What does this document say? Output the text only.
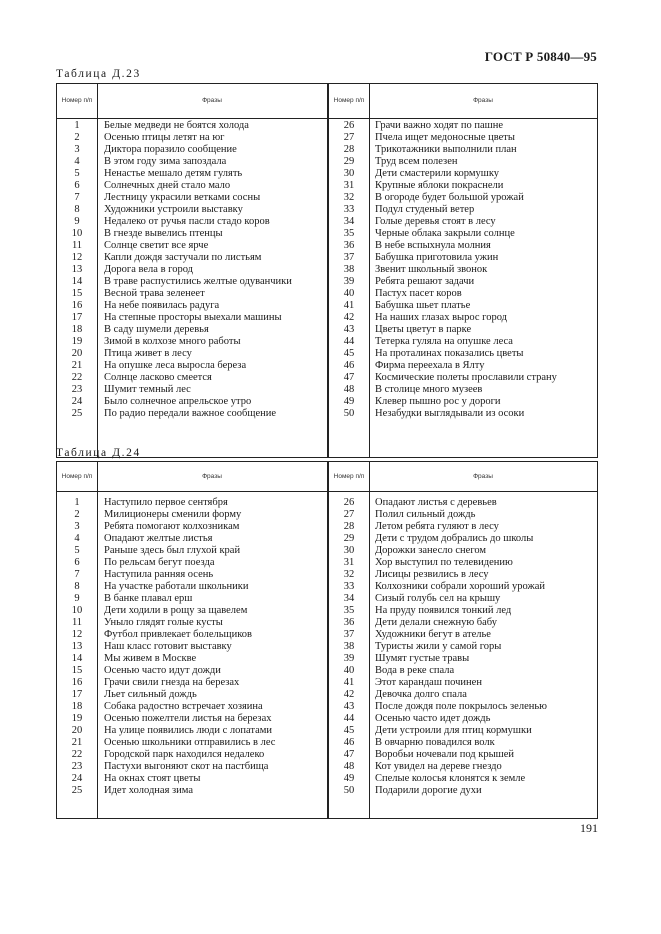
ГОСТ Р 50840—95
Таблица Д.23
Номер п/п	Фразы	Номер п/п	Фразы
1	Белые медведи не боятся холода	26	Грачи важно ходят по пашне
2	Осенью птицы летят на юг	27	Пчела ищет медоносные цветы
3	Диктора поразило сообщение	28	Трикотажники выполнили план
4	В этом году зима запоздала	29	Труд всем полезен
5	Ненастье мешало детям гулять	30	Дети смастерили кормушку
6	Солнечных дней стало мало	31	Крупные яблоки покраснели
7	Лестницу украсили ветками сосны	32	В огороде будет большой урожай
8	Художники устроили выставку	33	Подул студеный ветер
9	Недалеко от ручья пасли стадо коров	34	Голые деревья стоят в лесу
10	В гнезде вывелись птенцы	35	Черные облака закрыли солнце
11	Солнце светит все ярче	36	В небе вспыхнула молния
12	Капли дождя застучали по листьям	37	Бабушка приготовила ужин
13	Дорога вела в город	38	Звенит школьный звонок
14	В траве распустились желтые одуванчики	39	Ребята решают задачи
15	Весной трава зеленеет	40	Пастух пасет коров
16	На небе появилась радуга	41	Бабушка шьет платье
17	На степные просторы выехали машины	42	На наших глазах вырос город
18	В саду шумели деревья	43	Цветы цветут в парке
19	Зимой в колхозе много работы	44	Тетерка гуляла на опушке леса
20	Птица живет в лесу	45	На проталинах показались цветы
21	На опушке леса выросла береза	46	Фирма переехала в Ялту
22	Солнце ласково смеется	47	Космические полеты прославили страну
23	Шумит темный лес	48	В столице много музеев
24	Было солнечное апрельское утро	49	Клевер пышно рос у дороги
25	По радио передали важное сообщение	50	Незабудки выглядывали из осоки
Таблица Д.24
Номер п/п	Фразы	Номер п/п	Фразы
1	Наступило первое сентября	26	Опадают листья с деревьев
2	Милиционеры сменили форму	27	Полил сильный дождь
3	Ребята помогают колхозникам	28	Летом ребята гуляют в лесу
4	Опадают желтые листья	29	Дети с трудом добрались до школы
5	Раньше здесь был глухой край	30	Дорожки занесло снегом
6	По рельсам бегут поезда	31	Хор выступил по телевидению
7	Наступила ранняя осень	32	Лисицы резвились в лесу
8	На участке работали школьники	33	Колхозники собрали хороший урожай
9	В банке плавал ерш	34	Сизый голубь сел на крышу
10	Дети ходили в рощу за щавелем	35	На пруду появился тонкий лед
11	Уныло глядят голые кусты	36	Дети делали снежную бабу
12	Футбол привлекает болельщиков	37	Художники бегут в ателье
13	Наш класс готовит выставку	38	Туристы жили у самой горы
14	Мы живем в Москве	39	Шумят густые травы
15	Осенью часто идут дожди	40	Вода в реке спала
16	Грачи свили гнезда на березах	41	Этот карандаш починен
17	Льет сильный дождь	42	Девочка долго спала
18	Собака радостно встречает хозяина	43	После дождя поле покрылось зеленью
19	Осенью пожелтели листья на березах	44	Осенью часто идет дождь
20	На улице появились люди с лопатами	45	Дети устроили для птиц кормушки
21	Осенью школьники отправились в лес	46	В овчарню повадился волк
22	Городской парк находился недалеко	47	Воробьи ночевали под крышей
23	Пастухи выгоняют скот на пастбища	48	Кот увидел на дереве гнездо
24	На окнах стоят цветы	49	Спелые колосья клонятся к земле
25	Идет холодная зима	50	Подарили дорогие духи
191
